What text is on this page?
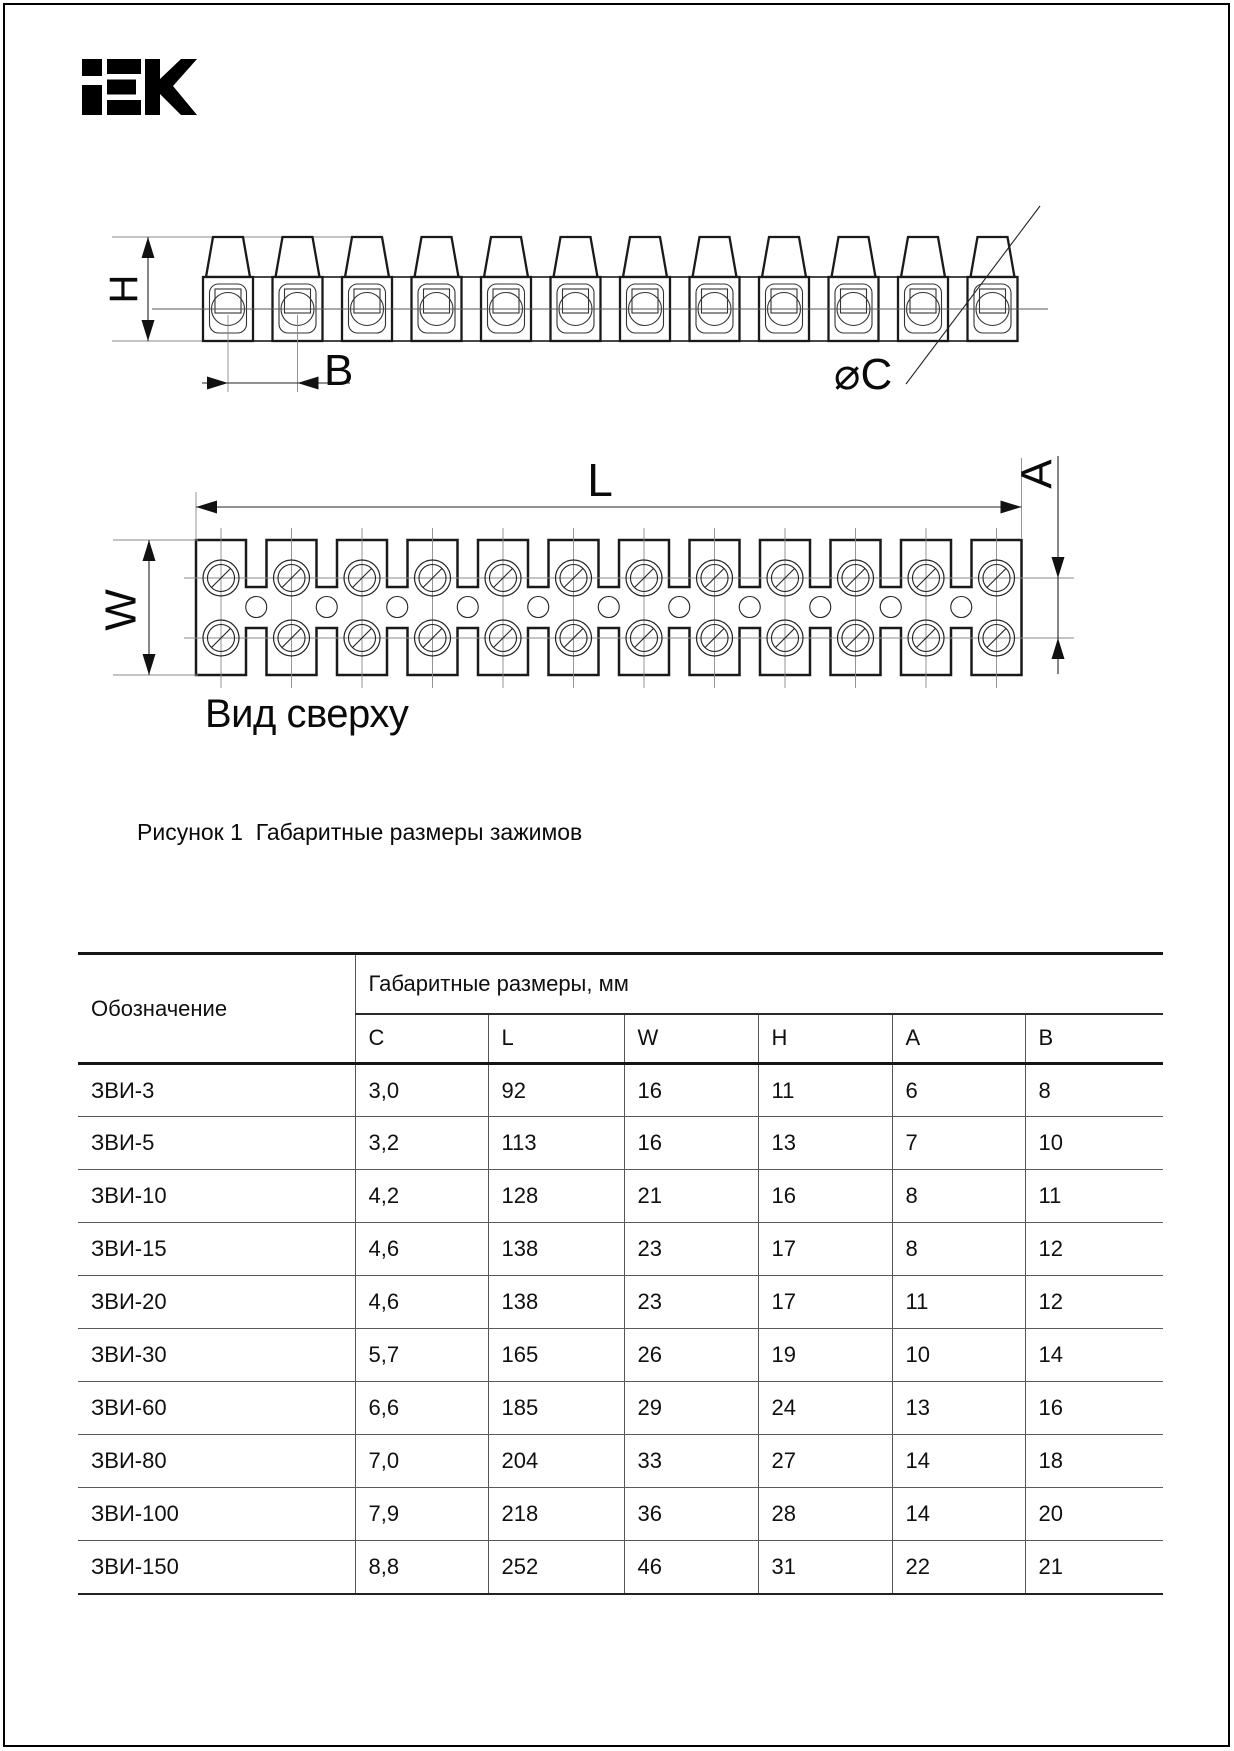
H
B	⌀C
L	A
W
Вид сверху
Рисунок 1  Габаритные размеры зажимов
Обозначение	Габаритные размеры, мм					
	C	L	W	H	A	B
ЗВИ-3	3,0	92	16	11	6	8
ЗВИ-5	3,2	113	16	13	7	10
ЗВИ-10	4,2	128	21	16	8	11
ЗВИ-15	4,6	138	23	17	8	12
ЗВИ-20	4,6	138	23	17	11	12
ЗВИ-30	5,7	165	26	19	10	14
ЗВИ-60	6,6	185	29	24	13	16
ЗВИ-80	7,0	204	33	27	14	18
ЗВИ-100	7,9	218	36	28	14	20
ЗВИ-150	8,8	252	46	31	22	21
